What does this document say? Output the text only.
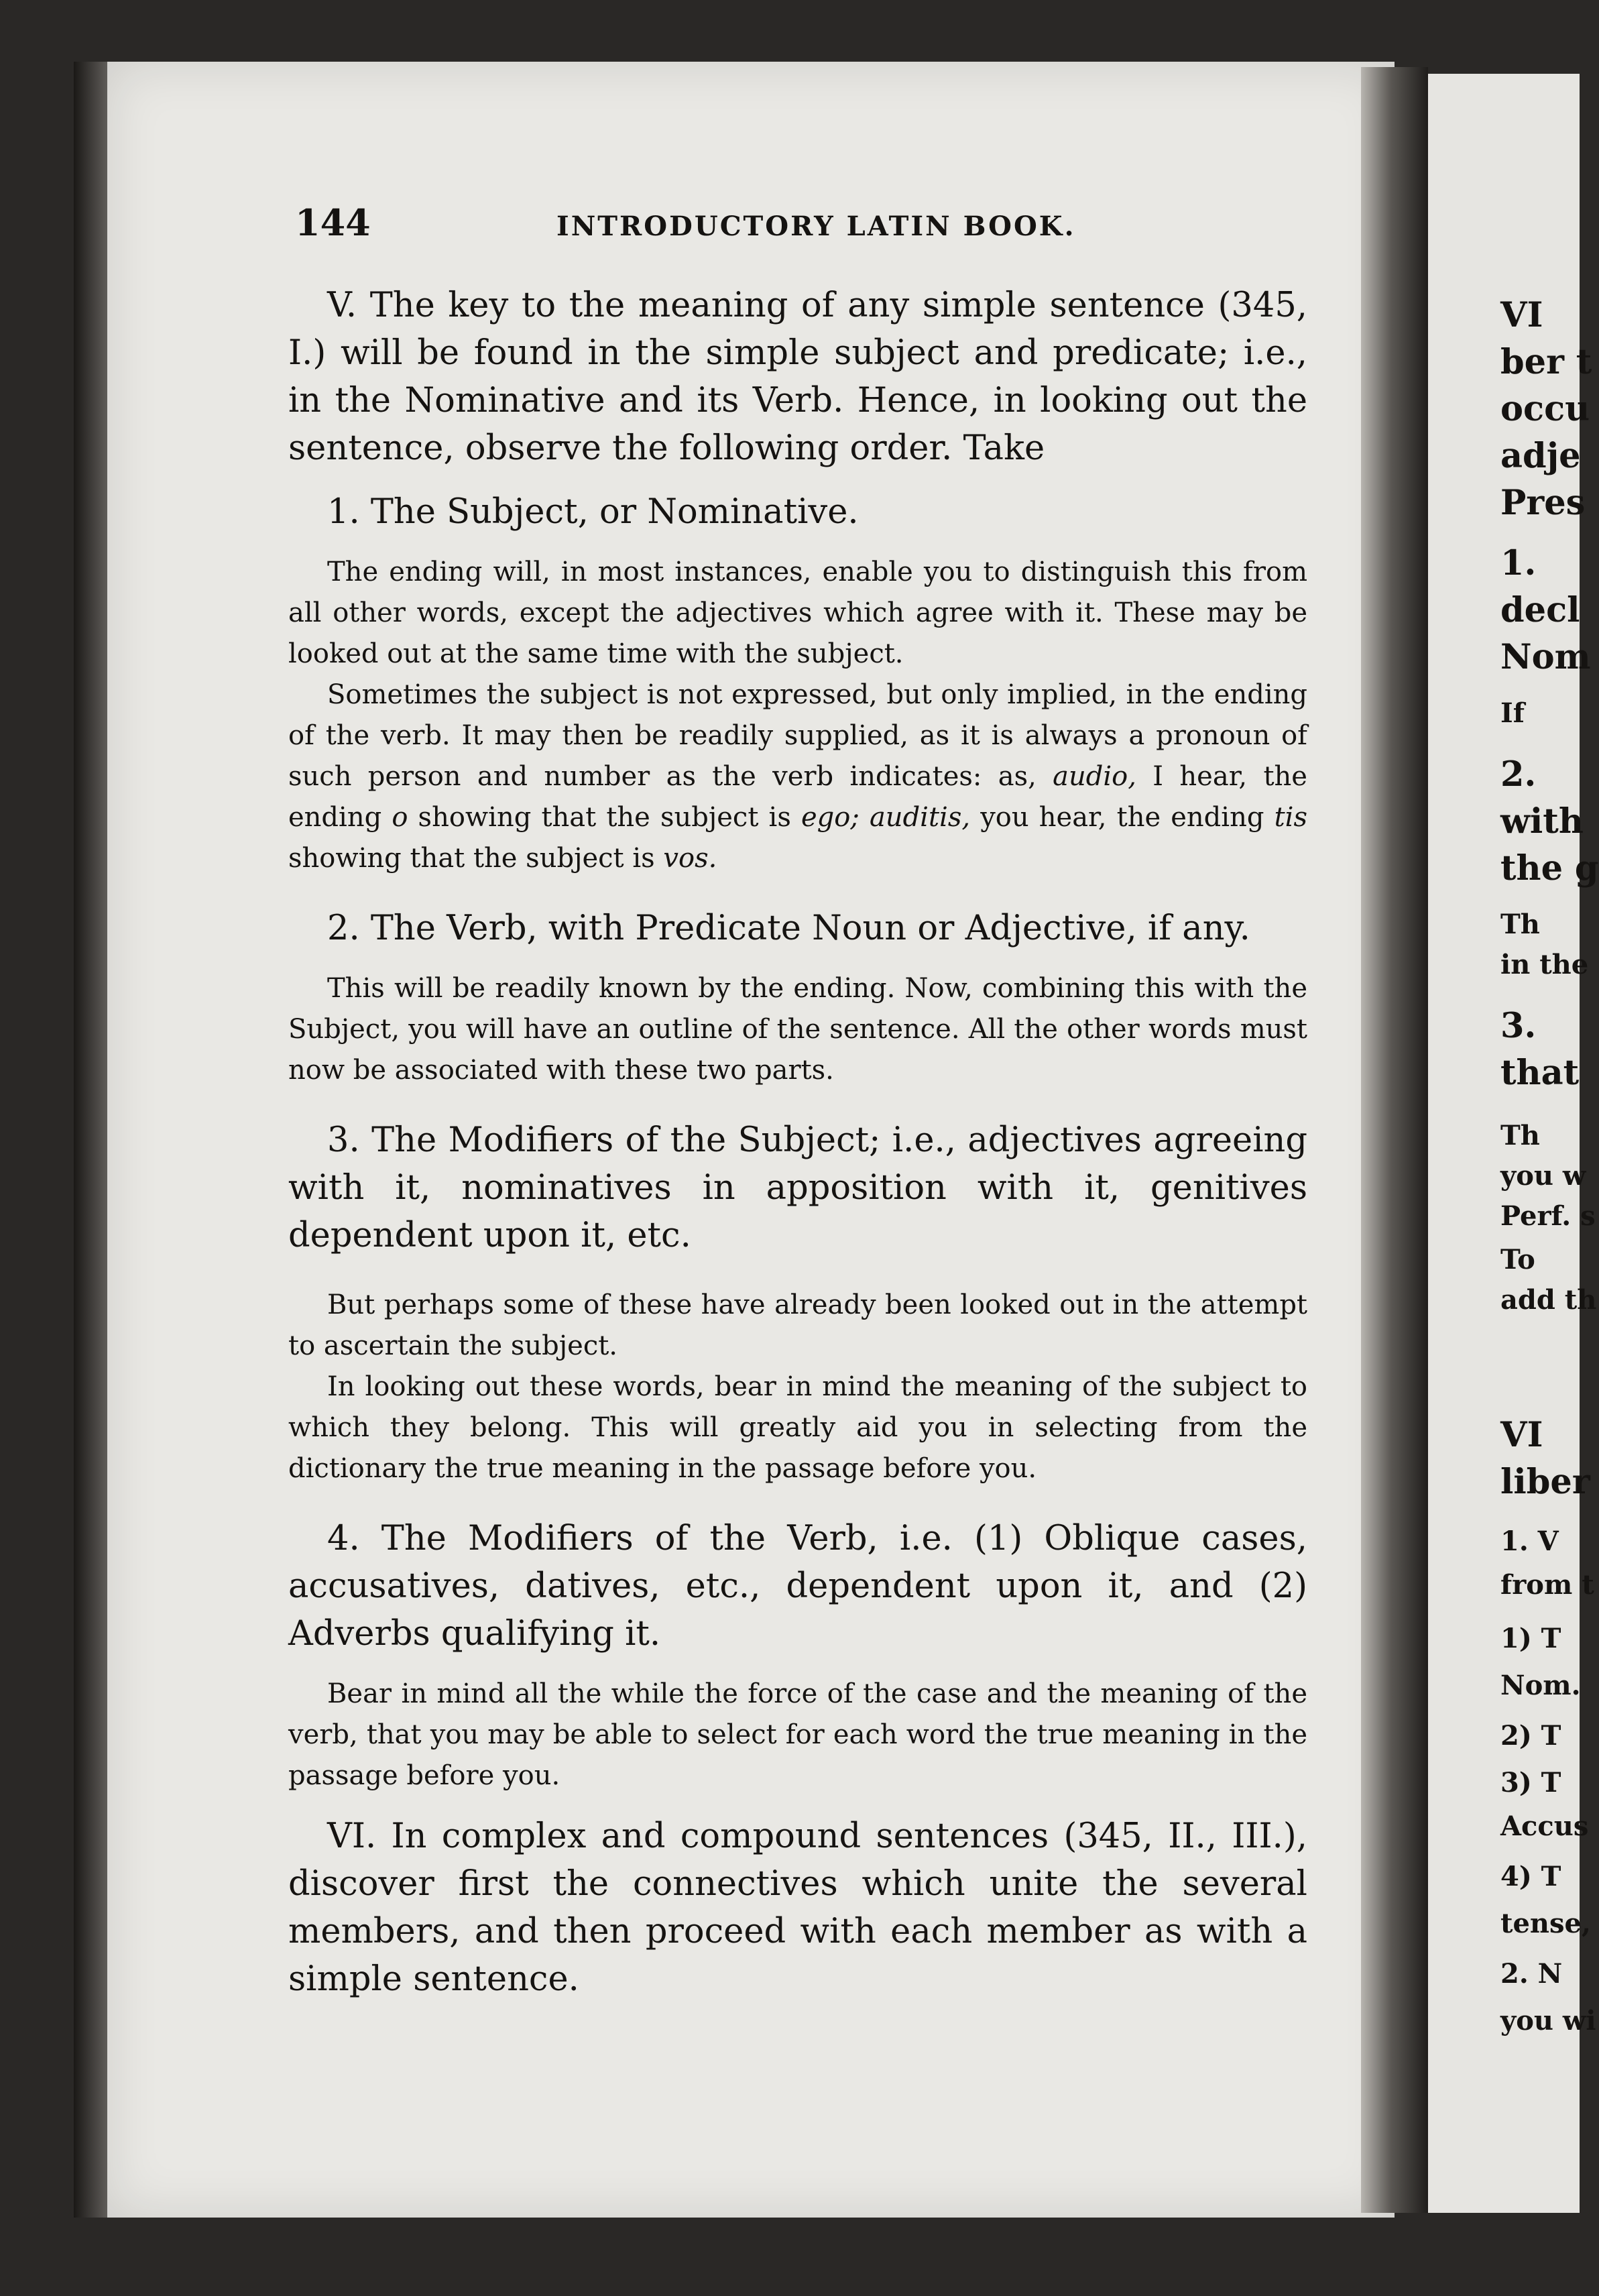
144	INTRODUCTORY LATIN BOOK.

V. The key to the meaning of any simple sentence (345, I.) will be found in the simple subject and predicate; i.e., in the Nominative and its Verb. Hence, in looking out the sentence, observe the following order. Take

1. The Subject, or Nominative.

The ending will, in most instances, enable you to distinguish this from all other words, except the adjectives which agree with it. These may be looked out at the same time with the subject.

Sometimes the subject is not expressed, but only implied, in the ending of the verb. It may then be readily supplied, as it is always a pronoun of such person and number as the verb indicates: as, audio, I hear, the ending o showing that the subject is ego; auditis, you hear, the ending tis showing that the subject is vos.

2. The Verb, with Predicate Noun or Adjective, if any.

This will be readily known by the ending. Now, combining this with the Subject, you will have an outline of the sentence. All the other words must now be associated with these two parts.

3. The Modifiers of the Subject; i.e., adjectives agreeing with it, nominatives in apposition with it, genitives dependent upon it, etc.

But perhaps some of these have already been looked out in the attempt to ascertain the subject.

In looking out these words, bear in mind the meaning of the subject to which they belong. This will greatly aid you in selecting from the dictionary the true meaning in the passage before you.

4. The Modifiers of the Verb, i.e. (1) Oblique cases, accusatives, datives, etc., dependent upon it, and (2) Adverbs qualifying it.

Bear in mind all the while the force of the case and the meaning of the verb, that you may be able to select for each word the true meaning in the passage before you.

VI. In complex and compound sentences (345, II., III.), discover first the connectives which unite the several members, and then proceed with each member as with a simple sentence.

VI
ber t
occu
adje
Pres
1.
decl
Nom
If
2.
with
the g
Th
in the
3.
that
Th
you w
Perf. s
To
add th
VI
liber
1. V
from t
1) T
Nom.
2) T
3) T
Accus
4) T
tense,
2. N
you wi
